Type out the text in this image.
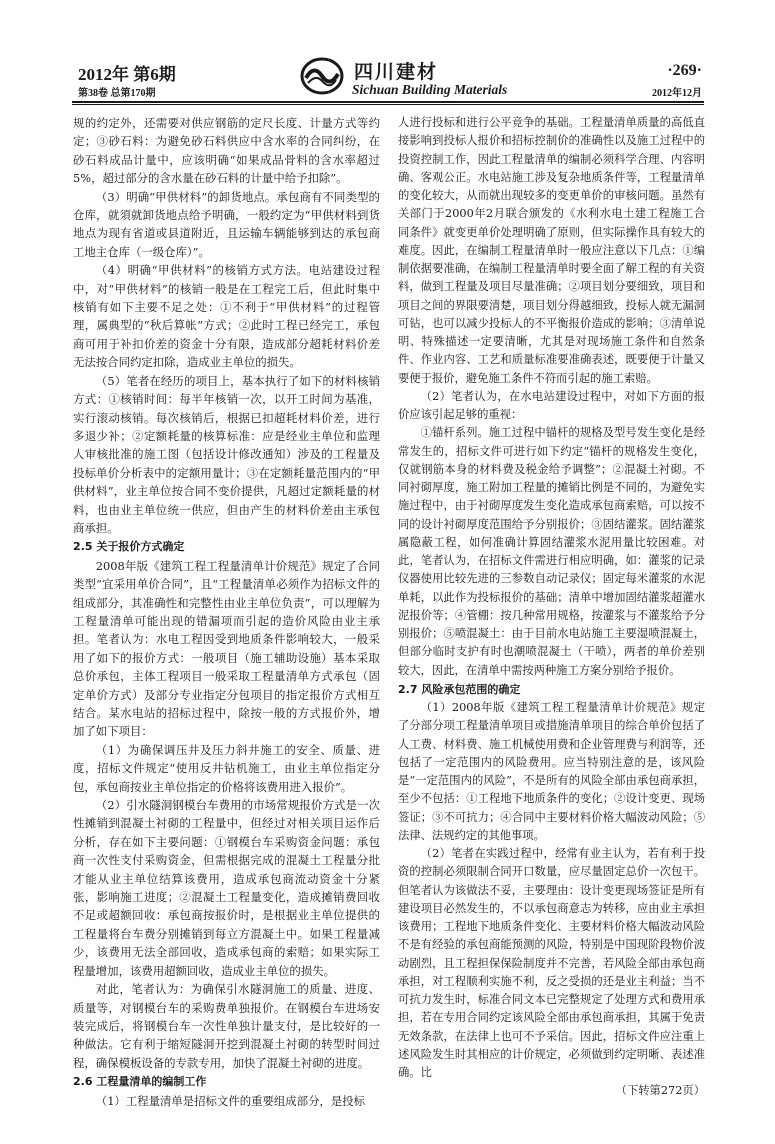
2012年 第6期
第38卷 总第170期
四川建材
Sichuan Building Materials
·269·
2012年12月

规的约定外，还需要对供应钢筋的定尺长度、计量方式等约定；③砂石料：为避免砂石料供应中含水率的合同纠纷，在砂石料成品计量中，应该明确“如果成品骨料的含水率超过5%，超过部分的含水量在砂石料的计量中给予扣除”。

（3）明确“甲供材料”的卸货地点。承包商有不同类型的仓库，就須就卸货地点给予明确，一般约定为“甲供材料到货地点为现有省道或县道附近，且运输车辆能够到达的承包商工地主仓库（一级仓库）”。

（4）明确“甲供材料”的核销方式方法。电站建设过程中，对“甲供材料”的核销一般是在工程完工后，但此时集中核销有如下主要不足之处：①不利于“甲供材料”的过程管理，属典型的“秋后算帐”方式；②此时工程已经完工，承包商可用于补扣价差的资金十分有限，造成部分超耗材料价差无法按合同约定扣除，造成业主单位的损失。

（5）笔者在经历的项目上，基本执行了如下的材料核销方式：①核销时间：每半年核销一次，以开工时间为基准，实行滚动核销。每次核销后，根据已扣超耗材料价差，进行多退少补；②定额耗量的核算标准：应是经业主单位和监理人审核批准的施工图（包括设计修改通知）涉及的工程量及投标单价分析表中的定额用量计；③在定额耗量范围内的“甲供材料”，业主单位按合同不变价提供，凡超过定额耗量的材料，也由业主单位统一供应，但由产生的材料价差由主承包商承担。

2.5 关于报价方式确定

2008年版《建筑工程工程量清单计价规范》规定了合同类型“宜采用单价合同”，且“工程量清单必须作为招标文件的组成部分，其准确性和完整性由业主单位负责”，可以理解为工程量清单可能出现的错漏项而引起的造价风险由业主承担。笔者认为：水电工程因受到地质条件影响较大，一般采用了如下的报价方式：一般项目（施工辅助设施）基本采取总价承包，主体工程项目一般采取工程量清单方式承包（固定单价方式）及部分专业指定分包项目的指定报价方式相互结合。某水电站的招标过程中，除按一般的方式报价外，增加了如下项目：

（1）为确保调压井及压力斜井施工的安全、质量、进度，招标文件规定“使用反井钻机施工，由业主单位指定分包，承包商按业主单位指定的价格将该费用进入报价”。

（2）引水隧洞钢模台车费用的市场常规报价方式是一次性摊销到混凝土衬砌的工程量中，但经过对相关项目运作后分析，存在如下主要问题：①钢模台车采购资金问题：承包商一次性支付采购资金，但需根据完成的混凝土工程量分批才能从业主单位结算该费用，造成承包商流动资金十分紧张，影响施工进度；②混凝土工程量变化，造成摊销费回收不足或超额回收：承包商按报价时，是根据业主单位提供的工程量将台车费分别摊销到每立方混凝土中。如果工程量减少，该费用无法全部回收，造成承包商的索赔；如果实际工程量增加，该费用超额回收，造成业主单位的损失。

对此，笔者认为：为确保引水隧洞施工的质量、进度、质量等，对钢模台车的采购费单独报价。在钢模台车进场安装完成后，将钢模台车一次性单独计量支付，是比较好的一种做法。它有利于缩短隧洞开挖到混凝土衬砌的转型时间过程，确保模板设备的专款专用，加快了混凝土衬砌的进度。

2.6 工程量清单的编制工作

（1）工程量清单是招标文件的重要组成部分，是投标

人进行投标和进行公平竞争的基础。工程量清单质量的高低直接影响到投标人报价和招标控制价的准确性以及施工过程中的投资控制工作，因此工程量清单的编制必须科学合理、内容明确、客观公正。水电站施工涉及复杂地质条件等，工程量清单的变化较大，从而就出现较多的变更单价的审核问题。虽然有关部门于2000年2月联合颁发的《水利水电土建工程施工合同条件》就变更单价处理明确了原则，但实际操作具有较大的难度。因此，在编制工程量清单时一般应注意以下几点：①编制依据要准确，在编制工程量清单时要全面了解工程的有关资料，做到工程量及项目尽量准确；②项目划分要细致，项目和项目之间的界限要清楚，项目划分得越细致，投标人就无漏洞可钻，也可以减少投标人的不平衡报价造成的影响；③清单说明、特殊描述一定要清晰，尤其是对现场施工条件和自然条件、作业内容、工艺和质量标准要准确表述，既要便于计量又要便于报价，避免施工条件不符而引起的施工索赔。

（2）笔者认为，在水电站建设过程中，对如下方面的报价应该引起足够的重视：

①锚杆系列。施工过程中锚杆的规格及型号发生变化是经常发生的，招标文件可进行如下约定“锚杆的规格发生变化，仅就钢筋本身的材料费及税金给予调整”；②混凝土衬砌。不同衬砌厚度，施工附加工程量的摊销比例是不同的，为避免实施过程中，由于衬砌厚度发生变化造成承包商索赔，可以按不同的设计衬砌厚度范围给予分别报价；③固结灌浆。固结灌浆属隐蔽工程，如何准确计算固结灌浆水泥用量比较困难。对此，笔者认为，在招标文件需进行相应明确，如：灌浆的记录仪器使用比较先进的三参数自动记录仪；固定每米灌浆的水泥单耗，以此作为投标报价的基础；清单中增加固结灌浆超灌水泥报价等；④管棚：按几种常用规格，按灌浆与不灌浆给予分别报价；⑤喷混凝土：由于目前水电站施工主要湿喷混凝土，但部分临时支护有时也潮喷混凝土（干喷），两者的单价差别较大，因此，在清单中需按两种施工方案分别给予报价。

2.7 风险承包范围的确定

（1）2008年版《建筑工程工程量清单计价规范》规定了分部分项工程量清单项目或措施清单项目的综合单价包括了人工费、材料费、施工机械使用费和企业管理费与利润等，还包括了一定范围内的风险费用。应当特别注意的是，该风险是“一定范围内的风险”，不是所有的风险全部由承包商承担，至少不包括：①工程地下地质条件的变化；②设计变更、现场签证；③不可抗力；④合同中主要材料价格大幅波动风险；⑤法律、法规约定的其他事项。

（2）笔者在实践过程中，经常有业主认为，若有利于投资的控制必须限制合同开口数量，应尽量固定总价一次包干。但笔者认为该做法不妥，主要理由：设计变更现场签证是所有建设项目必然发生的，不以承包商意志为转移，应由业主承担该费用；工程地下地质条件变化、主要材料价格大幅波动风险不是有经验的承包商能预测的风险，特别是中国现阶段物价波动剧烈，且工程担保保险制度并不完善，若风险全部由承包商承担，对工程顺利实施不利，反之受损的还是业主利益；当不可抗力发生时，标准合同文本已完整规定了处理方式和费用承担，若在专用合同约定该风险全部由承包商承担，其属于免责无效条款，在法律上也可不予采信。因此，招标文件应注重上述风险发生时其相应的计价规定，必须做到约定明晰、表述准确。比

（下转第272页）
